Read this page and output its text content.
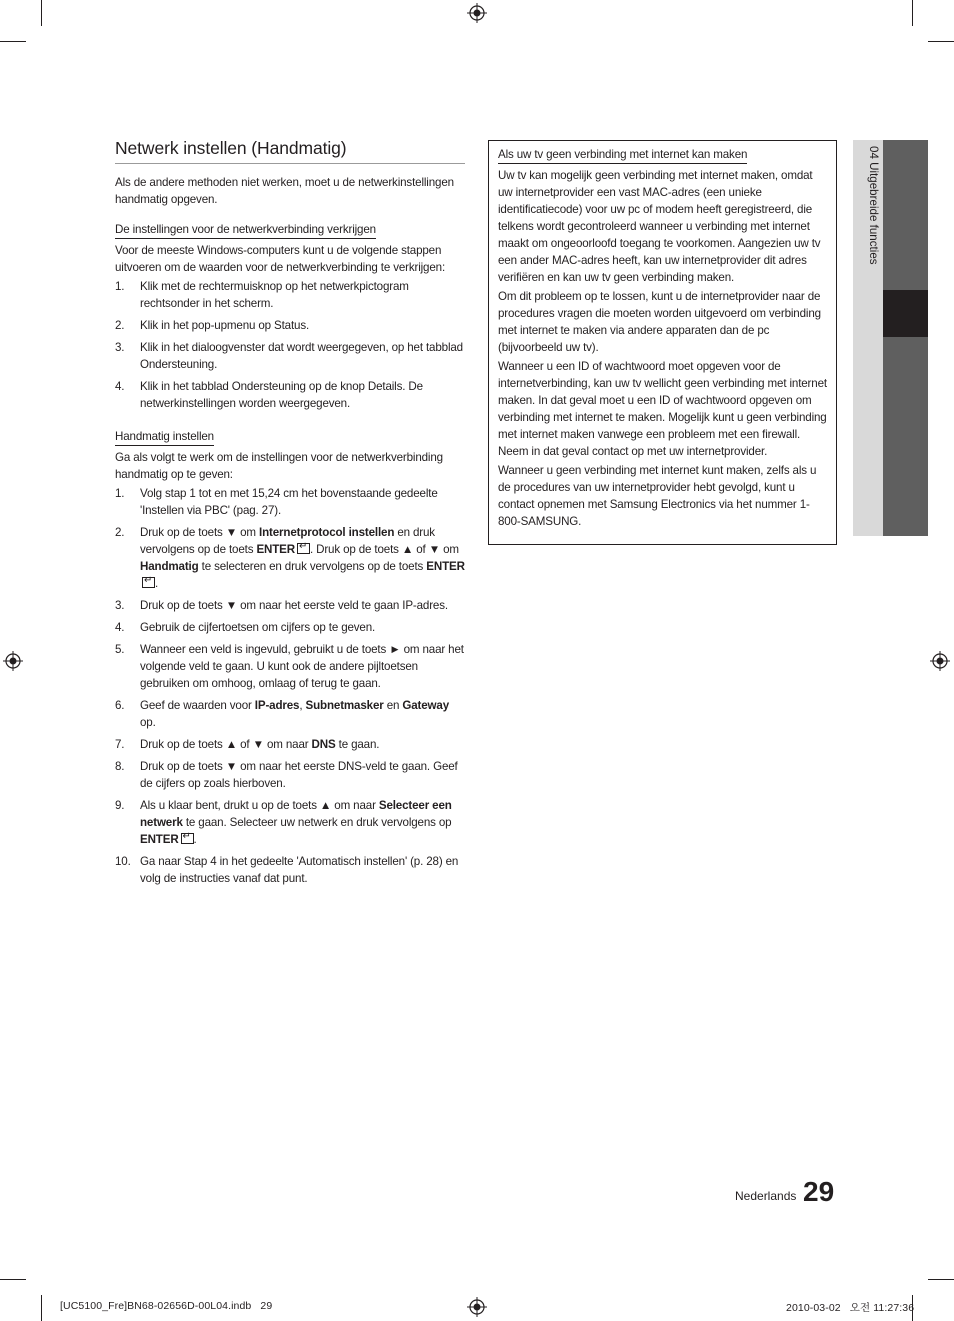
04 Uitgebreide functies
Netwerk instellen (Handmatig)

Als de andere methoden niet werken, moet u de netwerkinstellingen handmatig opgeven.

De instellingen voor de netwerkverbinding verkrijgen

Voor de meeste Windows-computers kunt u de volgende stappen uitvoeren om de waarden voor de netwerkverbinding te verkrijgen:

1. Klik met de rechtermuisknop op het netwerkpictogram rechtsonder in het scherm.
2. Klik in het pop-upmenu op Status.
3. Klik in het dialoogvenster dat wordt weergegeven, op het tabblad Ondersteuning.
4. Klik in het tabblad Ondersteuning op de knop Details. De netwerkinstellingen worden weergegeven.
Handmatig instellen

Ga als volgt te werk om de instellingen voor de netwerkverbinding handmatig op te geven:

1. Volg stap 1 tot en met 15,24 cm het bovenstaande gedeelte 'Instellen via PBC' (pag. 27).
2. Druk op de toets ▼ om Internetprotocol instellen en druk vervolgens op de toets ENTER ↵ . Druk op de toets ▲ of ▼ om Handmatig te selecteren en druk vervolgens op de toets ENTER↵.
3. Druk op de toets ▼ om naar het eerste veld te gaan IP-adres.
4. Gebruik de cijfertoetsen om cijfers op te geven.
5. Wanneer een veld is ingevuld, gebruikt u de toets ► om naar het volgende veld te gaan. U kunt ook de andere pijltoetsen gebruiken om omhoog, omlaag of terug te gaan.
6. Geef de waarden voor IP-adres, Subnetmasker en Gateway op.
7. Druk op de toets ▲ of ▼ om naar DNS te gaan.
8. Druk op de toets ▼ om naar het eerste DNS-veld te gaan. Geef de cijfers op zoals hierboven.
9. Als u klaar bent, drukt u op de toets ▲ om naar Selecteer een netwerk te gaan. Selecteer uw netwerk en druk vervolgens op ENTER ↵ .
10. Ga naar Stap 4 in het gedeelte 'Automatisch instellen' (p. 28) en volg de instructies vanaf dat punt.
Als uw tv geen verbinding met internet kan maken

Uw tv kan mogelijk geen verbinding met internet maken, omdat uw internetprovider een vast MAC-adres (een unieke identificatiecode) voor uw pc of modem heeft geregistreerd, die telkens wordt gecontroleerd wanneer u verbinding met internet maakt om ongeoorloofd toegang te voorkomen. Aangezien uw tv een ander MAC-adres heeft, kan uw internetprovider dit adres verifiëren en kan uw tv geen verbinding maken.

Om dit probleem op te lossen, kunt u de internetprovider naar de procedures vragen die moeten worden uitgevoerd om verbinding met internet te maken via andere apparaten dan de pc (bijvoorbeeld uw tv).

Wanneer u een ID of wachtwoord moet opgeven voor de internetverbinding, kan uw tv wellicht geen verbinding met internet maken. In dat geval moet u een ID of wachtwoord opgeven om verbinding met internet te maken. Mogelijk kunt u geen verbinding met internet maken vanwege een probleem met een firewall. Neem in dat geval contact op met uw internetprovider.

Wanneer u geen verbinding met internet kunt maken, zelfs als u de procedures van uw internetprovider hebt gevolgd, kunt u contact opnemen met Samsung Electronics via het nummer 1-800-SAMSUNG.

Nederlands 29
[UC5100_Fre]BN68-02656D-00L04.indb   29	2010-03-02   오전 11:27:36
